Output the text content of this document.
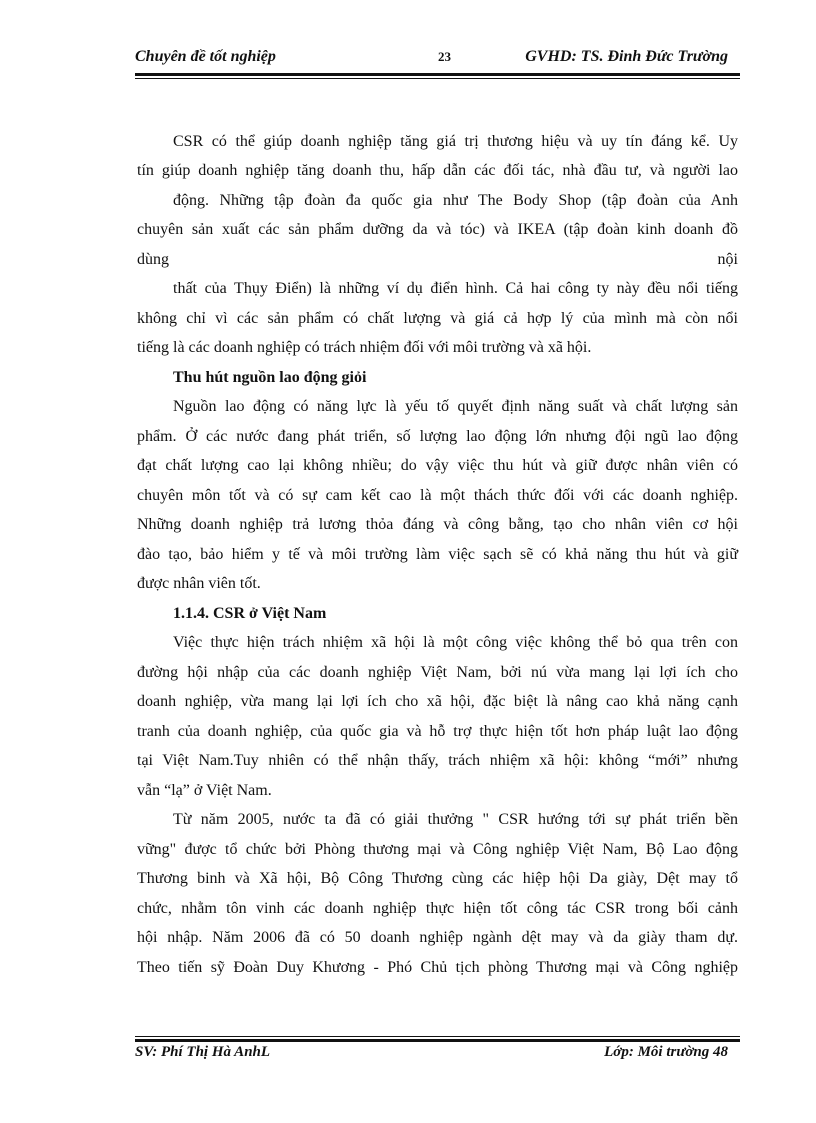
Chuyên đề tốt nghiệp	23	GVHD: TS. Đinh Đức Trường
CSR có thể giúp doanh nghiệp tăng giá trị thương hiệu và uy tín đáng kể. Uy
tín giúp doanh nghiệp tăng doanh thu, hấp dẫn các đối tác, nhà đầu tư, và người lao
động. Những tập đoàn đa quốc gia như The Body Shop (tập đoàn của Anh
chuyên sản xuất các sản phẩm dưỡng da và tóc) và IKEA (tập đoàn kinh doanh đồ
dùng nội
thất của Thụy Điển) là những ví dụ điển hình. Cả hai công ty này đều nổi tiếng
không chỉ vì các sản phẩm có chất lượng và giá cả hợp lý của mình mà còn nổi
tiếng là các doanh nghiệp có trách nhiệm đối với môi trường và xã hội.
Thu hút nguồn lao động giỏi
Nguồn lao động có năng lực là yếu tố quyết định năng suất và chất lượng sản
phẩm. Ở các nước đang phát triển, số lượng lao động lớn nhưng đội ngũ lao động
đạt chất lượng cao lại không nhiều; do vậy việc thu hút và giữ được nhân viên có
chuyên môn tốt và có sự cam kết cao là một thách thức đối với các doanh nghiệp.
Những doanh nghiệp trả lương thỏa đáng và công bằng, tạo cho nhân viên cơ hội
đào tạo, bảo hiểm y tế và môi trường làm việc sạch sẽ có khả năng thu hút và giữ
được nhân viên tốt.
1.1.4. CSR ở Việt Nam
Việc thực hiện trách nhiệm xã hội là một công việc không thể bỏ qua trên con
đường hội nhập của các doanh nghiệp Việt Nam, bởi nú vừa mang lại lợi ích cho
doanh nghiệp, vừa mang lại lợi ích cho xã hội, đặc biệt là nâng cao khả năng cạnh
tranh của doanh nghiệp, của quốc gia và hỗ trợ thực hiện tốt hơn pháp luật lao động
tại Việt Nam.Tuy nhiên có thể nhận thấy, trách nhiệm xã hội: không “mới” nhưng
vẫn “lạ” ở Việt Nam.
Từ năm 2005, nước ta đã có giải thưởng " CSR hướng tới sự phát triển bền
vững" được tổ chức bởi Phòng thương mại và Công nghiệp Việt Nam, Bộ Lao động
Thương binh và Xã hội, Bộ Công Thương cùng các hiệp hội Da giày, Dệt may tổ
chức, nhằm tôn vinh các doanh nghiệp thực hiện tốt công tác CSR trong bối cảnh
hội nhập. Năm 2006 đã có 50 doanh nghiệp ngành dệt may và da giày tham dự.
Theo tiến sỹ Đoàn Duy Khương - Phó Chủ tịch phòng Thương mại và Công nghiệp
SV: Phí Thị Hà AnhL	Lớp: Môi trường 48
